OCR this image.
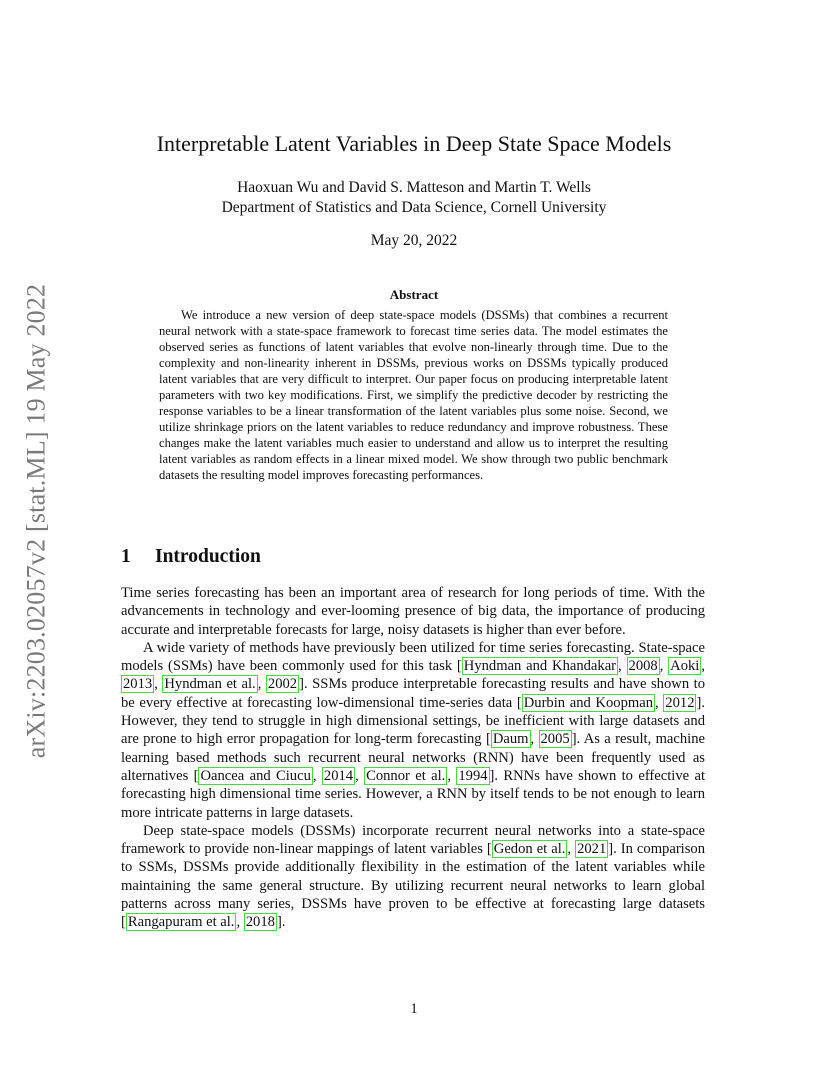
arXiv:2203.02057v2 [stat.ML] 19 May 2022
Interpretable Latent Variables in Deep State Space Models
Haoxuan Wu and David S. Matteson and Martin T. Wells
Department of Statistics and Data Science, Cornell University
May 20, 2022
Abstract

We introduce a new version of deep state-space models (DSSMs) that combines a recurrent neural network with a state-space framework to forecast time series data. The model estimates the observed series as functions of latent variables that evolve non-linearly through time. Due to the complexity and non-linearity inherent in DSSMs, previous works on DSSMs typically produced latent variables that are very difficult to interpret. Our paper focus on producing interpretable latent parameters with two key modifications. First, we simplify the predictive decoder by restricting the response variables to be a linear transformation of the latent variables plus some noise. Second, we utilize shrinkage priors on the latent variables to reduce redundancy and improve robustness. These changes make the latent variables much easier to understand and allow us to interpret the resulting latent variables as random effects in a linear mixed model. We show through two public benchmark datasets the resulting model improves forecasting performances.

1 Introduction

Time series forecasting has been an important area of research for long periods of time. With the advancements in technology and ever-looming presence of big data, the importance of producing accurate and interpretable forecasts for large, noisy datasets is higher than ever before.

A wide variety of methods have previously been utilized for time series forecasting. State-space models (SSMs) have been commonly used for this task [ Hyndman and Khandakar , 2008 , Aoki , 2013 , Hyndman et al. , 2002 ]. SSMs produce interpretable forecasting results and have shown to be every effective at forecasting low-dimensional time-series data [ Durbin and Koopman , 2012 ]. However, they tend to struggle in high dimensional settings, be inefficient with large datasets and are prone to high error propagation for long-term forecasting [ Daum , 2005 ]. As a result, machine learning based methods such recurrent neural networks (RNN) have been frequently used as alternatives [ Oancea and Ciucu , 2014 , Connor et al. , 1994 ]. RNNs have shown to effective at forecasting high dimensional time series. However, a RNN by itself tends to be not enough to learn more intricate patterns in large datasets.

Deep state-space models (DSSMs) incorporate recurrent neural networks into a state-space framework to provide non-linear mappings of latent variables [ Gedon et al. , 2021 ]. In comparison to SSMs, DSSMs provide additionally flexibility in the estimation of the latent variables while maintaining the same general structure. By utilizing recurrent neural networks to learn global patterns across many series, DSSMs have proven to be effective at forecasting large datasets [ Rangapuram et al. , 2018 ].

1
